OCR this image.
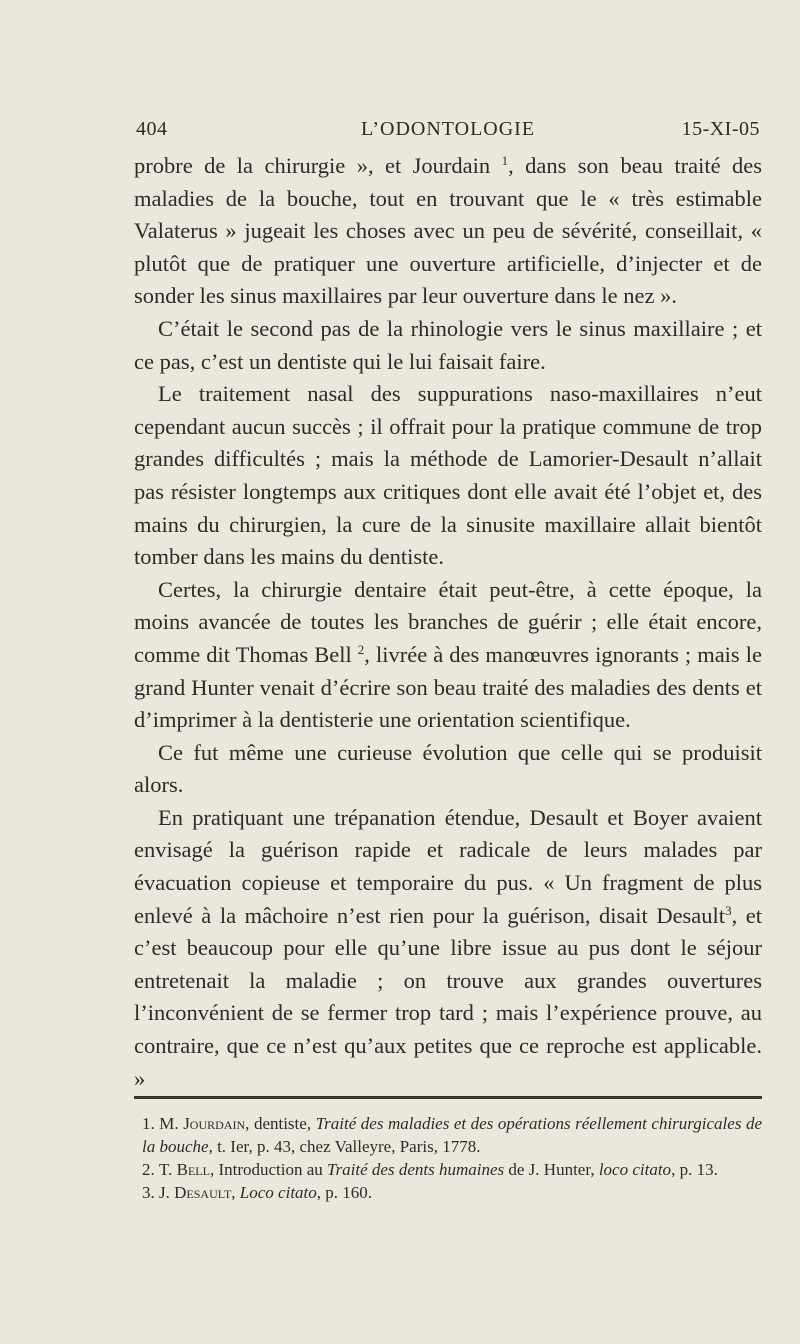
404	L’ODONTOLOGIE	15-XI-05

probre de la chirurgie », et Jourdain $^1$, dans son beau traité des maladies de la bouche, tout en trouvant que le « très estimable Valaterus » jugeait les choses avec un peu de sévérité, conseillait, « plutôt que de pratiquer une ouverture artificielle, d’injecter et de sonder les sinus maxillaires par leur ouverture dans le nez ».

C’était le second pas de la rhinologie vers le sinus maxillaire ; et ce pas, c’est un dentiste qui le lui faisait faire.

Le traitement nasal des suppurations naso-maxillaires n’eut cependant aucun succès ; il offrait pour la pratique commune de trop grandes difficultés ; mais la méthode de Lamorier-Desault n’allait pas résister longtemps aux critiques dont elle avait été l’objet et, des mains du chirurgien, la cure de la sinusite maxillaire allait bientôt tomber dans les mains du dentiste.

Certes, la chirurgie dentaire était peut-être, à cette époque, la moins avancée de toutes les branches de guérir ; elle était encore, comme dit Thomas Bell $^2$, livrée à des manœuvres ignorants ; mais le grand Hunter venait d’écrire son beau traité des maladies des dents et d’imprimer à la dentisterie une orientation scientifique.

Ce fut même une curieuse évolution que celle qui se produisit alors.

En pratiquant une trépanation étendue, Desault et Boyer avaient envisagé la guérison rapide et radicale de leurs malades par évacuation copieuse et temporaire du pus. « Un fragment de plus enlevé à la mâchoire n’est rien pour la guérison, disait Desault$^3$, et c’est beaucoup pour elle qu’une libre issue au pus dont le séjour entretenait la maladie ; on trouve aux grandes ouvertures l’inconvénient de se fermer trop tard ; mais l’expérience prouve, au contraire, que ce n’est qu’aux petites que ce reproche est applicable. »

1. M. Jourdain, dentiste, Traité des maladies et des opérations réellement chirurgicales de la bouche, t. Ier, p. 43, chez Valleyre, Paris, 1778.

2. T. Bell, Introduction au Traité des dents humaines de J. Hunter, loco citato, p. 13.

3. J. Desault, Loco citato, p. 160.
